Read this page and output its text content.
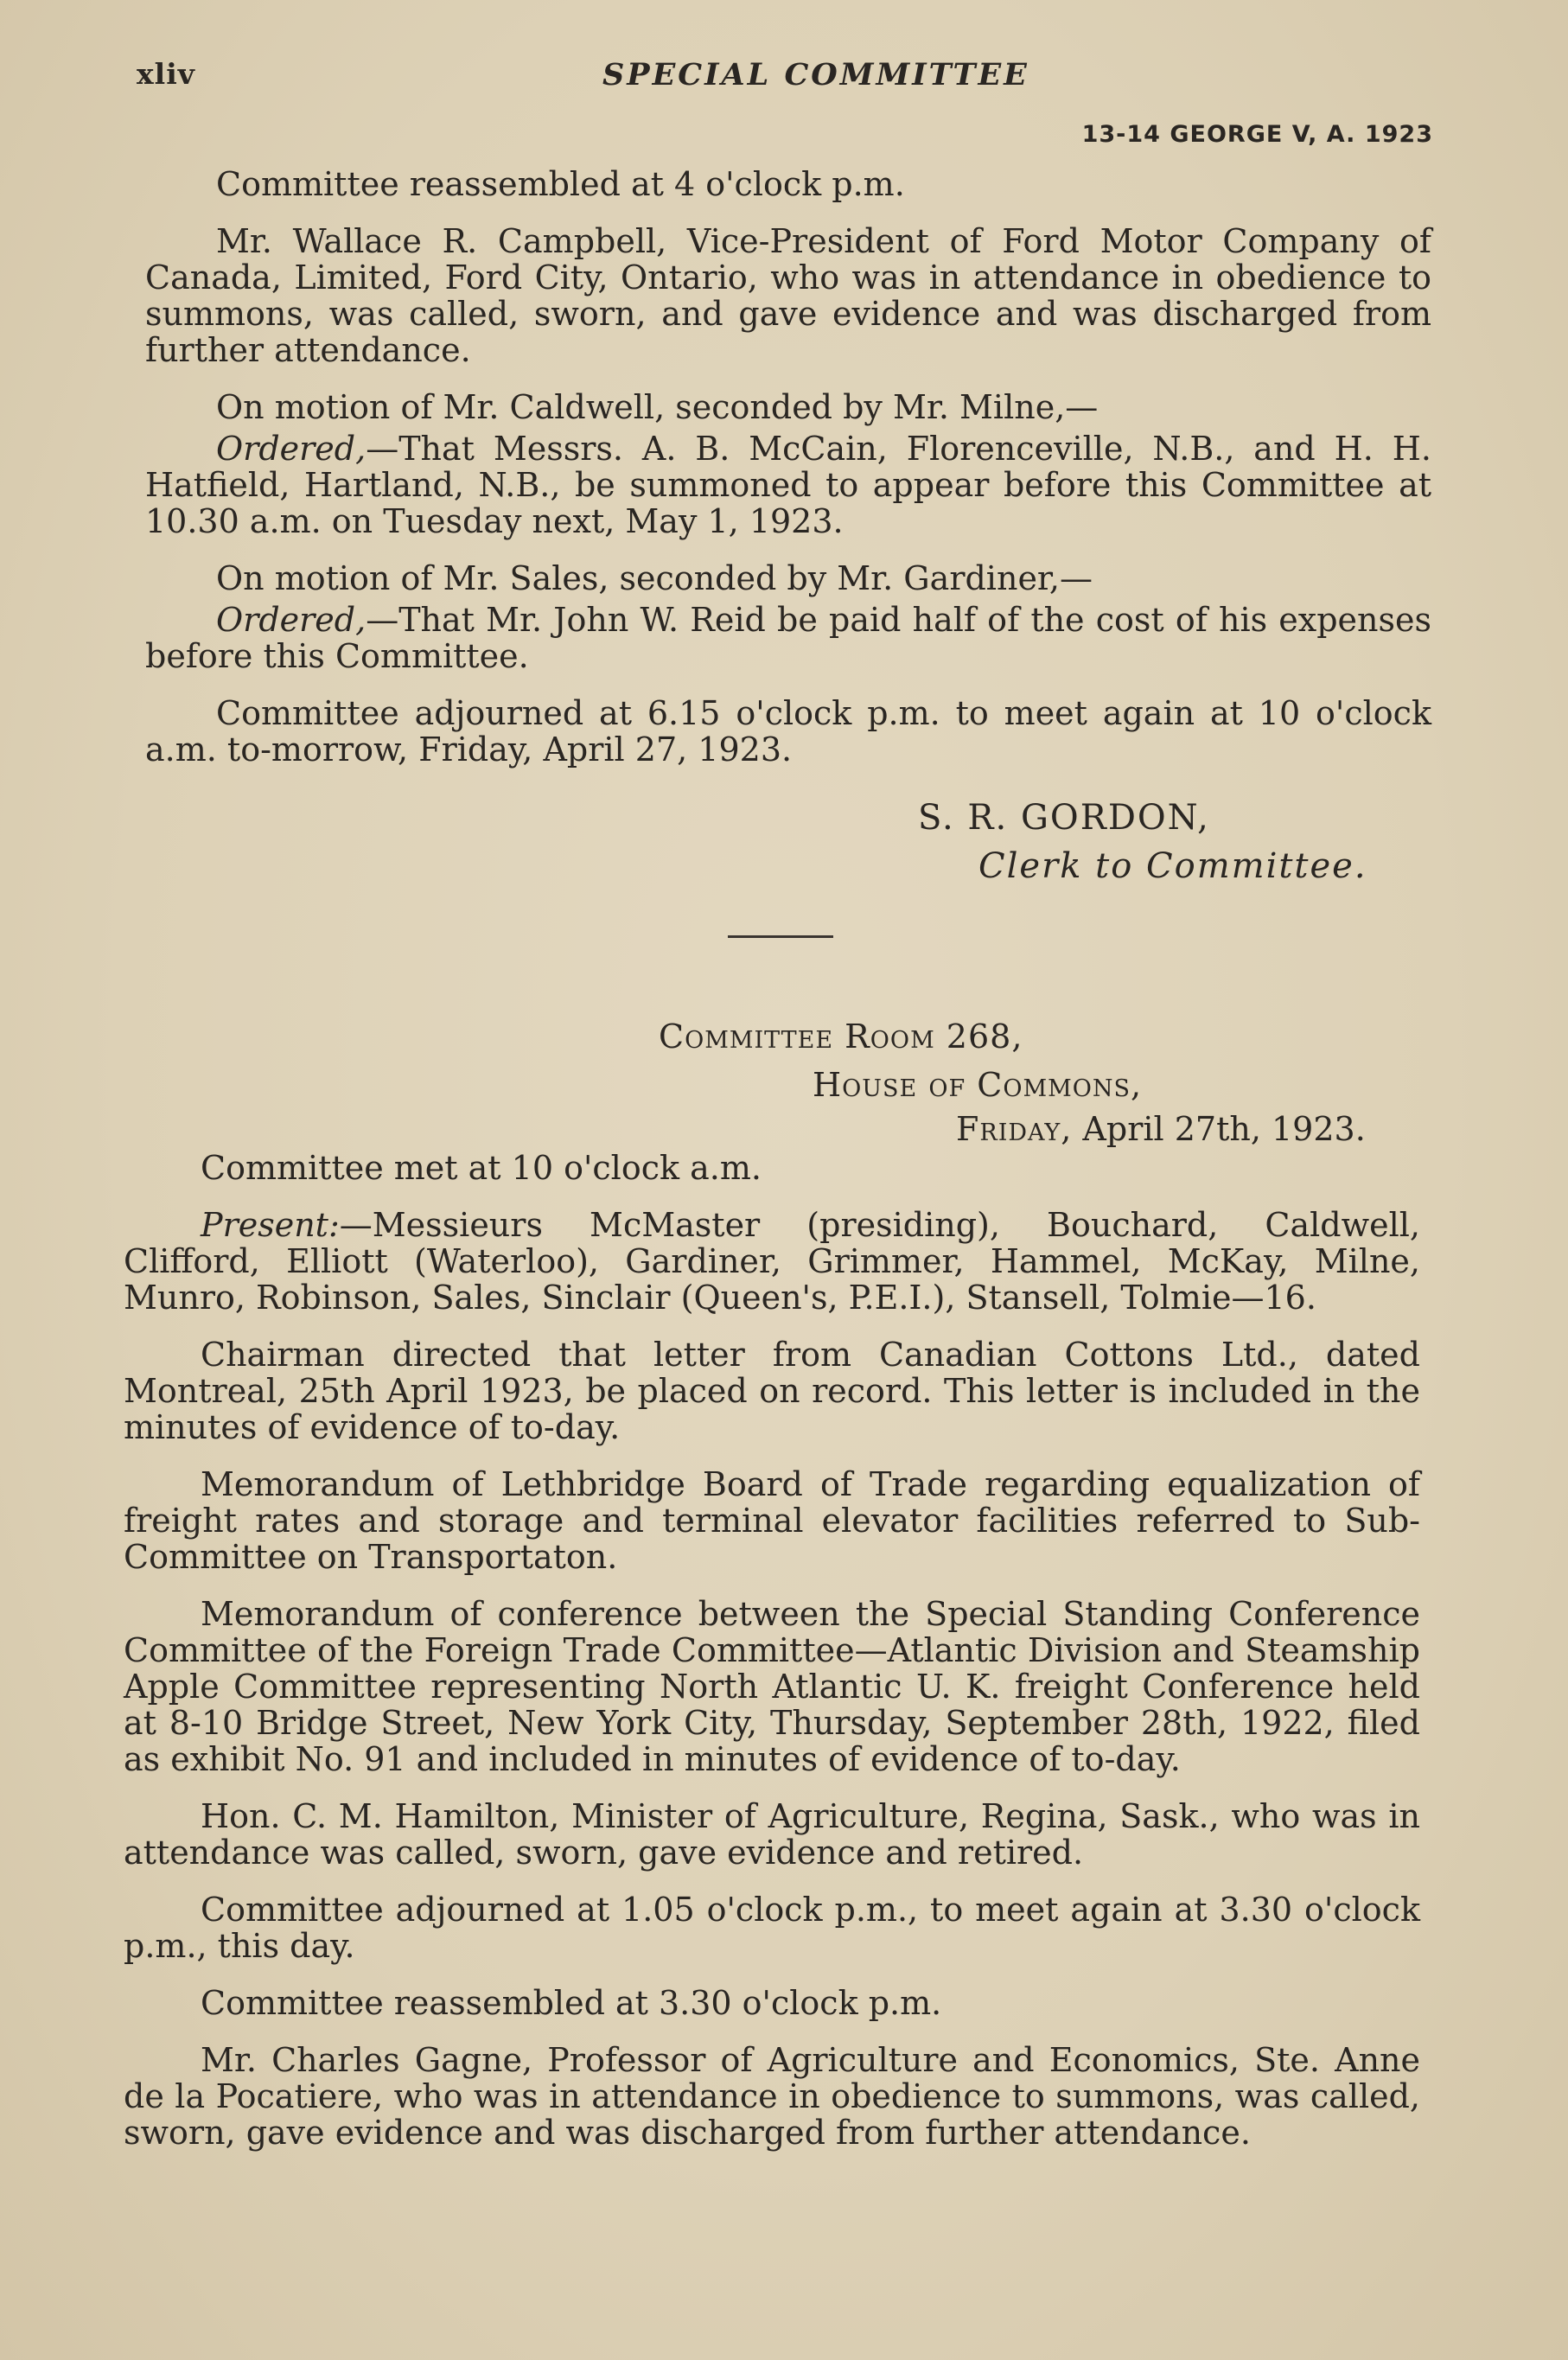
xliv	SPECIAL COMMITTEE
13-14 GEORGE V, A. 1923

Committee reassembled at 4 o'clock p.m.

Mr. Wallace R. Campbell, Vice-President of Ford Motor Company of Canada, Limited, Ford City, Ontario, who was in attendance in obedience to summons, was called, sworn, and gave evidence and was discharged from further attendance.

On motion of Mr. Caldwell, seconded by Mr. Milne,—

Ordered,—That Messrs. A. B. McCain, Florenceville, N.B., and H. H. Hatfield, Hartland, N.B., be summoned to appear before this Committee at 10.30 a.m. on Tuesday next, May 1, 1923.

On motion of Mr. Sales, seconded by Mr. Gardiner,—

Ordered,—That Mr. John W. Reid be paid half of the cost of his expenses before this Committee.

Committee adjourned at 6.15 o'clock p.m. to meet again at 10 o'clock a.m. to-morrow, Friday, April 27, 1923.

S. R. GORDON,
Clerk to Committee.
Committee Room 268,
House of Commons,
Friday, April 27th, 1923.

Committee met at 10 o'clock a.m.

Present:—Messieurs McMaster (presiding), Bouchard, Caldwell, Clifford, Elliott (Waterloo), Gardiner, Grimmer, Hammel, McKay, Milne, Munro, Robinson, Sales, Sinclair (Queen's, P.E.I.), Stansell, Tolmie—16.

Chairman directed that letter from Canadian Cottons Ltd., dated Montreal, 25th April 1923, be placed on record. This letter is included in the minutes of evidence of to-day.

Memorandum of Lethbridge Board of Trade regarding equalization of freight rates and storage and terminal elevator facilities referred to Sub-Committee on Transportaton.

Memorandum of conference between the Special Standing Conference Committee of the Foreign Trade Committee—Atlantic Division and Steamship Apple Committee representing North Atlantic U. K. freight Conference held at 8-10 Bridge Street, New York City, Thursday, September 28th, 1922, filed as exhibit No. 91 and included in minutes of evidence of to-day.

Hon. C. M. Hamilton, Minister of Agriculture, Regina, Sask., who was in attendance was called, sworn, gave evidence and retired.

Committee adjourned at 1.05 o'clock p.m., to meet again at 3.30 o'clock p.m., this day.

Committee reassembled at 3.30 o'clock p.m.

Mr. Charles Gagne, Professor of Agriculture and Economics, Ste. Anne de la Pocatiere, who was in attendance in obedience to summons, was called, sworn, gave evidence and was discharged from further attendance.
